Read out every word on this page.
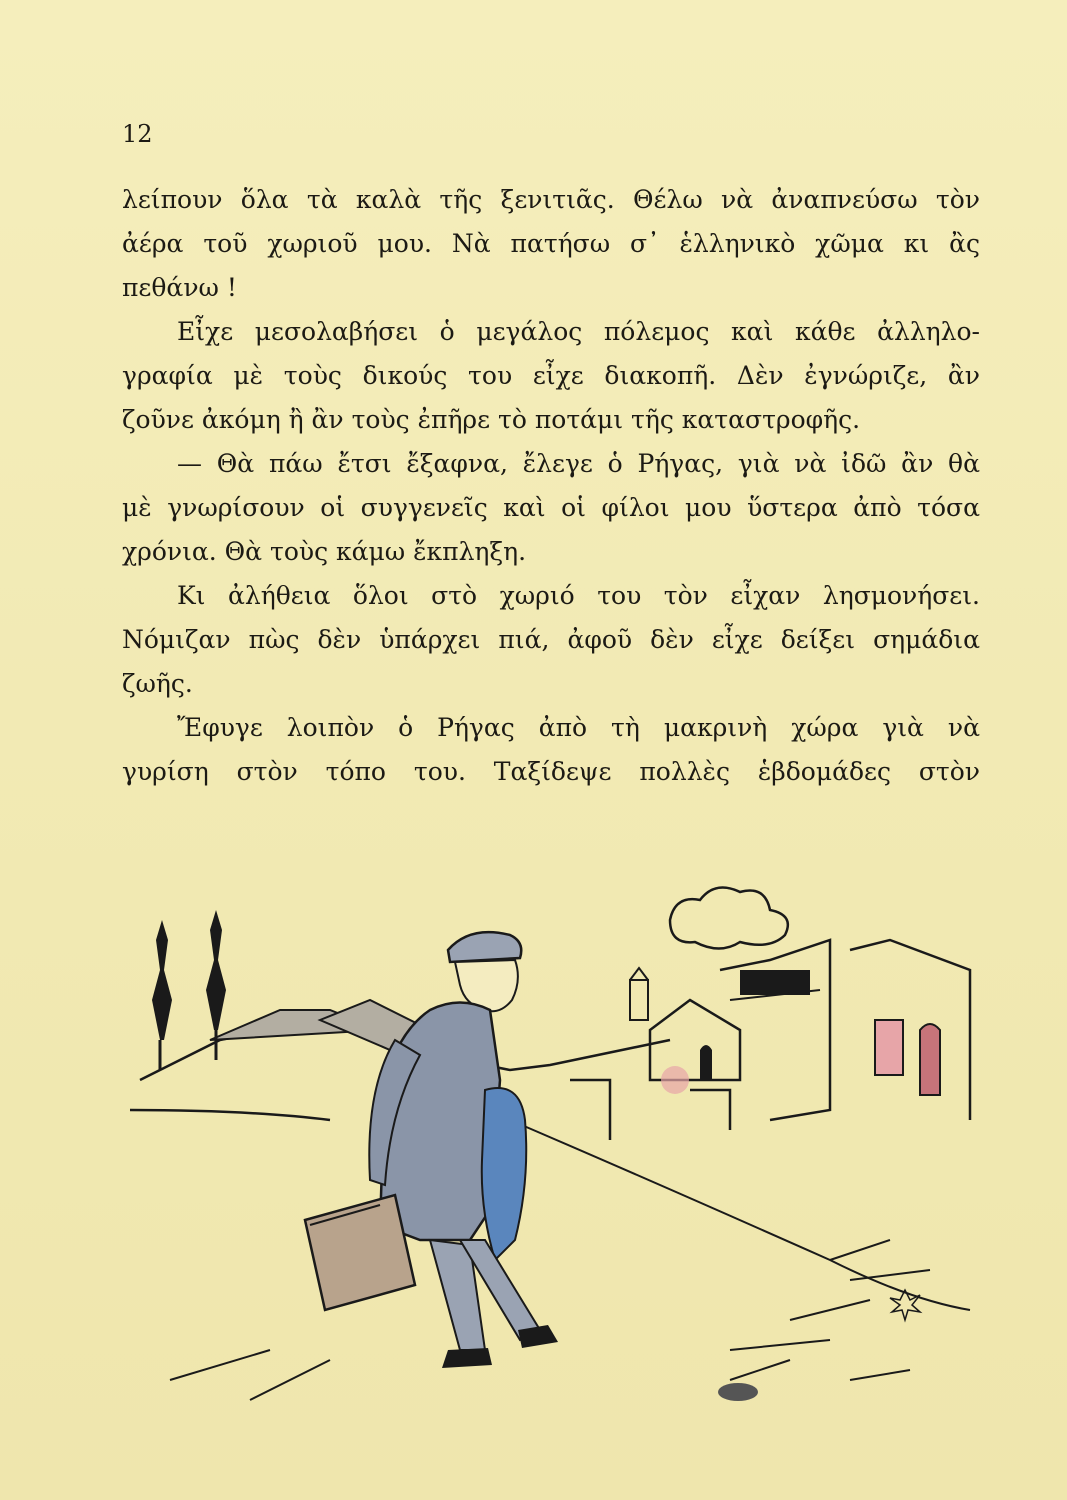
12

λείπουν ὅλα τὰ καλὰ τῆς ξενιτιᾶς. Θέλω νὰ ἀναπνεύσω τὸν
ἀέρα τοῦ χωριοῦ μου. Νὰ πατήσω σ᾽ ἑλληνικὸ χῶμα κι ἂς
πεθάνω !

Εἶχε μεσολαβήσει ὁ μεγάλος πόλεμος καὶ κάθε ἀλληλο-
γραφία μὲ τοὺς δικούς του εἶχε διακοπῆ. Δὲν ἐγνώριζε, ἂν
ζοῦνε ἀκόμη ἢ ἂν τοὺς ἐπῆρε τὸ ποτάμι τῆς καταστροφῆς.

— Θὰ πάω ἔτσι ἔξαφνα, ἔλεγε ὁ Ρήγας, γιὰ νὰ ἰδῶ ἂν θὰ
μὲ γνωρίσουν οἱ συγγενεῖς καὶ οἱ φίλοι μου ὕστερα ἀπὸ τόσα
χρόνια. Θὰ τοὺς κάμω ἔκπληξη.

Κι ἀλήθεια ὅλοι στὸ χωριό του τὸν εἶχαν λησμονήσει.
Νόμιζαν πὼς δὲν ὑπάρχει πιά, ἀφοῦ δὲν εἶχε δείξει σημάδια
ζωῆς.

Ἔφυγε λοιπὸν ὁ Ρήγας ἀπὸ τὴ μακρινὴ χώρα γιὰ νὰ
γυρίση στὸν τόπο του. Ταξίδεψε πολλὲς ἑβδομάδες στὸν
